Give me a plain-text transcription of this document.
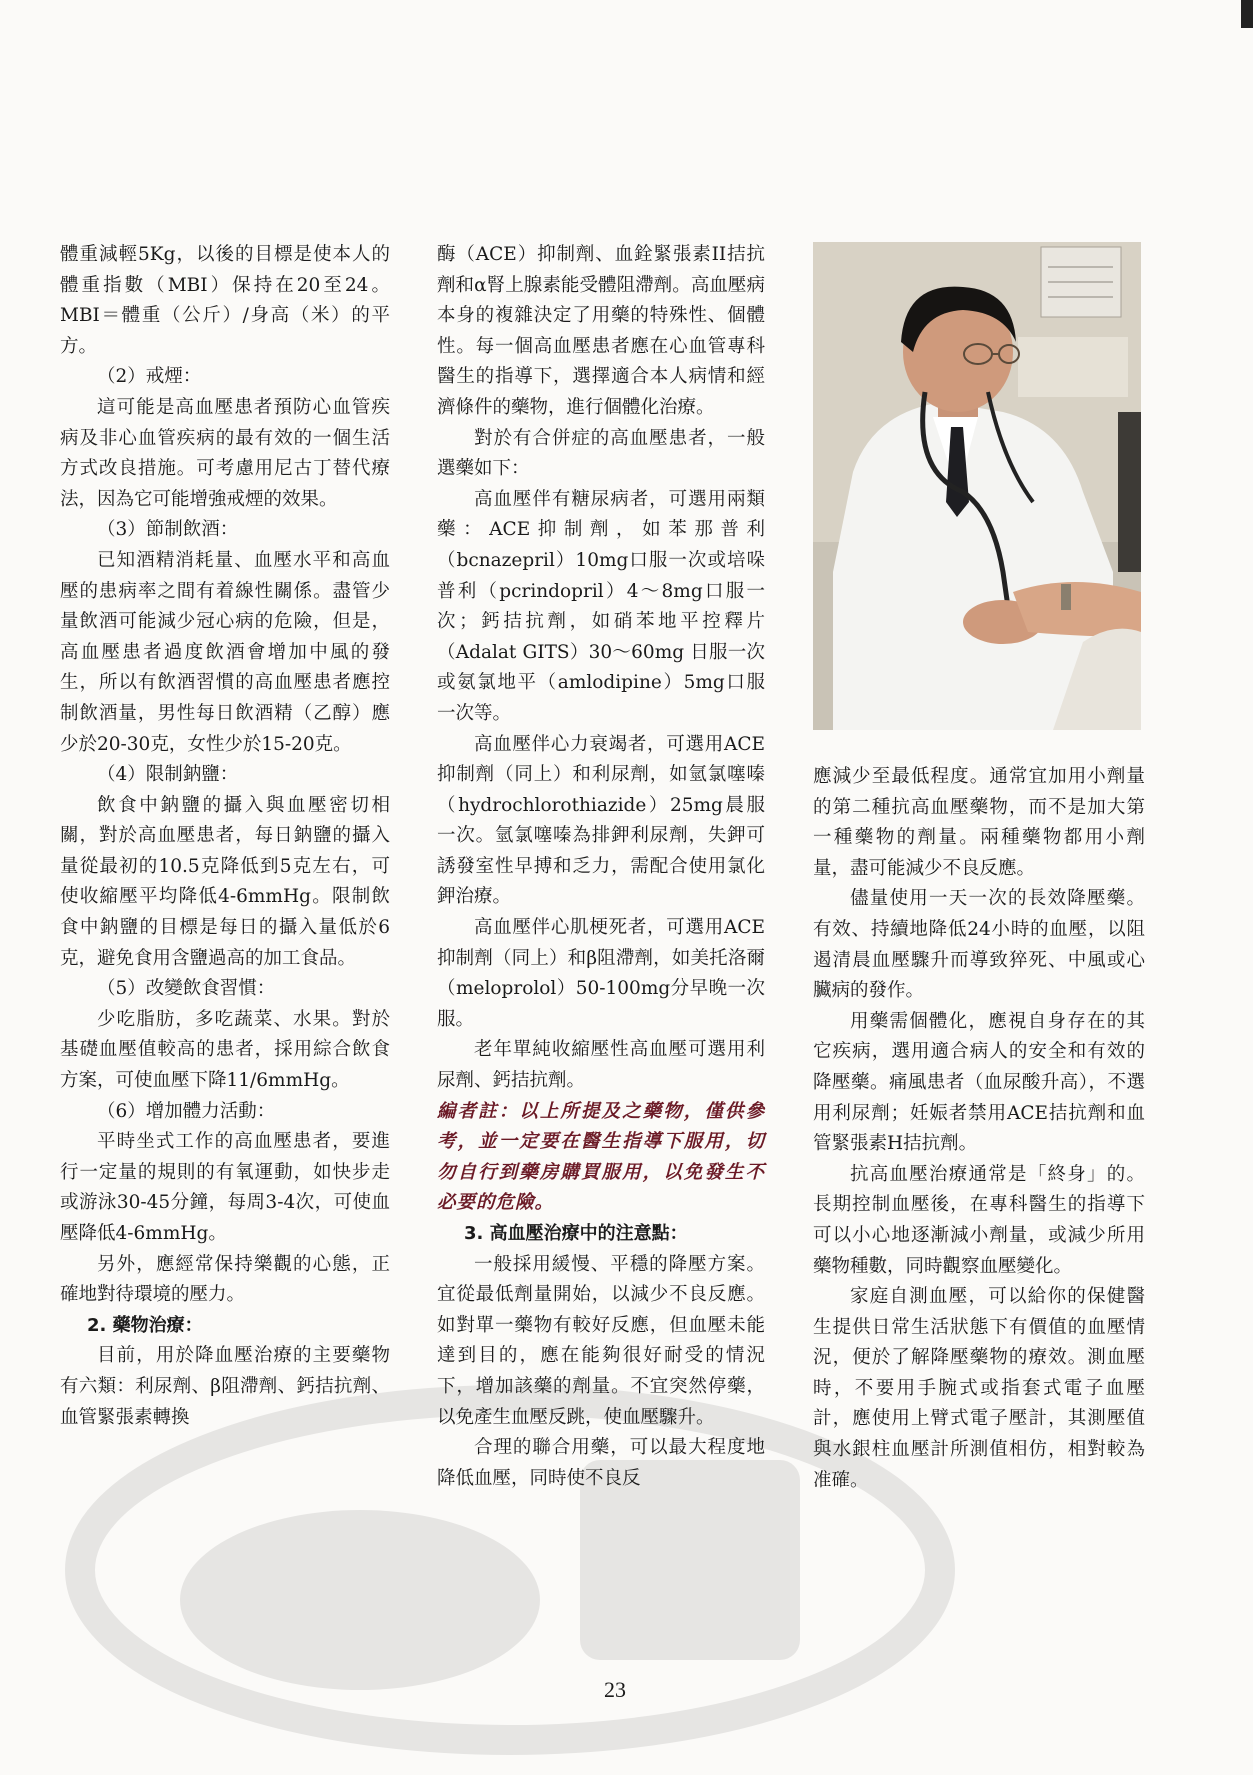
體重減輕5Kg，以後的目標是使本人的體重指數（MBI）保持在20至24。MBI＝體重（公斤）/身高（米）的平方。

（2）戒煙：

這可能是高血壓患者預防心血管疾病及非心血管疾病的最有效的一個生活方式改良措施。可考慮用尼古丁替代療法，因為它可能增強戒煙的效果。

（3）節制飲酒：

已知酒精消耗量、血壓水平和高血壓的患病率之間有着線性關係。盡管少量飲酒可能減少冠心病的危險，但是，高血壓患者過度飲酒會增加中風的發生，所以有飲酒習慣的高血壓患者應控制飲酒量，男性每日飲酒精（乙醇）應少於20-30克，女性少於15-20克。

（4）限制鈉鹽：

飲食中鈉鹽的攝入與血壓密切相關，對於高血壓患者，每日鈉鹽的攝入量從最初的10.5克降低到5克左右，可使收縮壓平均降低4-6mmHg。限制飲食中鈉鹽的目標是每日的攝入量低於6克，避免食用含鹽過高的加工食品。

（5）改變飲食習慣：

少吃脂肪，多吃蔬菜、水果。對於基礎血壓值較高的患者，採用綜合飲食方案，可使血壓下降11/6mmHg。

（6）增加體力活動：

平時坐式工作的高血壓患者，要進行一定量的規則的有氧運動，如快步走或游泳30-45分鐘，每周3-4次，可使血壓降低4-6mmHg。

另外，應經常保持樂觀的心態，正確地對待環境的壓力。

2. 藥物治療：

目前，用於降血壓治療的主要藥物有六類：利尿劑、β阻滯劑、鈣拮抗劑、血管緊張素轉換

酶（ACE）抑制劑、血銓緊張素II拮抗劑和α腎上腺素能受體阻滯劑。高血壓病本身的複雜決定了用藥的特殊性、個體性。每一個高血壓患者應在心血管專科醫生的指導下，選擇適合本人病情和經濟條件的藥物，進行個體化治療。

對於有合併症的高血壓患者，一般選藥如下：

高血壓伴有糖尿病者，可選用兩類藥：ACE抑制劑，如苯那普利（bcnazepril）10mg口服一次或培哚普利（pcrindopril）4～8mg口服一次；鈣拮抗劑，如硝苯地平控釋片（Adalat GITS）30～60mg 日服一次或氨氯地平（amlodipine）5mg口服一次等。

高血壓伴心力衰竭者，可選用ACE抑制劑（同上）和利尿劑，如氫氯噻嗪（hydrochlorothiazide）25mg晨服一次。氫氯噻嗪為排鉀利尿劑，失鉀可誘發室性早搏和乏力，需配合使用氯化鉀治療。

高血壓伴心肌梗死者，可選用ACE抑制劑（同上）和β阻滯劑，如美托洛爾（meloprolol）50-100mg分早晚一次服。

老年單純收縮壓性高血壓可選用利尿劑、鈣拮抗劑。

編者註：以上所提及之藥物，僅供參考，並一定要在醫生指導下服用，切勿自行到藥房購買服用，以免發生不必要的危險。

3. 高血壓治療中的注意點：

一般採用緩慢、平穩的降壓方案。宜從最低劑量開始，以減少不良反應。如對單一藥物有較好反應，但血壓未能達到目的，應在能夠很好耐受的情況下，增加該藥的劑量。不宜突然停藥，以免產生血壓反跳，使血壓驟升。

合理的聯合用藥，可以最大程度地降低血壓，同時使不良反

應減少至最低程度。通常宜加用小劑量的第二種抗高血壓藥物，而不是加大第一種藥物的劑量。兩種藥物都用小劑量，盡可能減少不良反應。

儘量使用一天一次的長效降壓藥。有效、持續地降低24小時的血壓，以阻遏清晨血壓驟升而導致猝死、中風或心臟病的發作。

用藥需個體化，應視自身存在的其它疾病，選用適合病人的安全和有效的降壓藥。痛風患者（血尿酸升高），不選用利尿劑；妊娠者禁用ACE拮抗劑和血管緊張素H拮抗劑。

抗高血壓治療通常是「終身」的。長期控制血壓後，在專科醫生的指導下可以小心地逐漸減小劑量，或減少所用藥物種數，同時觀察血壓變化。

家庭自測血壓，可以給你的保健醫生提供日常生活狀態下有價值的血壓情況，便於了解降壓藥物的療效。測血壓時，不要用手腕式或指套式電子血壓計，應使用上臂式電子壓計，其測壓值與水銀柱血壓計所測值相仿，相對較為准確。

23
